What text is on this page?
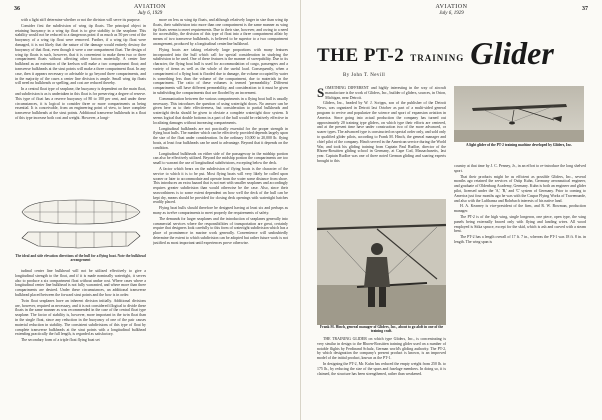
36	AVIATION
July 6, 1929

with a light stiff determine whether or not the division will serve its purpose.

Consider first the subdivision of wing tip floats. The principal object in retaining buoyancy in a wing tip float is to give stability to the seaplane. This stability would not be reduced to a dangerous point if as much as 50 per cent of the buoyancy of a wing tip float were removed. Further, if a wing tip float were damaged, it is not likely that the nature of the damage would entirely destroy the buoyancy of that float, even though it were a one compartment float. The design of wing tip floats is such, however, that it is convenient to make them two or three compartment floats without affecting other factors materially. A center line bulkhead as an extension of the keelson will make a two compartment float; and transverse bulkheads at the strut points will make a three compartment float. In any case, then it appears necessary or advisable to go beyond three compartments, and in the majority of the cases a center line division is ample. Small wing tip floats will need no bulkheads or spelling, and cost are reduced thereby.

In a central float type of seaplane, the buoyancy is dependent on the main float, and subdivision is as is undertaken in this float is for preserving a degree of reserve. This type of float has a reserve buoyancy of 80 to 100 per cent, and under these circumstances, it is logical to consider three or more compartments as being essential. It is conceivable, from an engineering point of view, to have complete transverse bulkheads at the strut points. Additional transverse bulkheads in a float of this type increase both cost and weight. However, a longi-

The ideal and side elevation directions of the hull for a flying boat. Note the bulkhead arrangement

tudinal center line bulkhead will not be utilized effectively to give a longitudinal strength to the float, and if it is made nominally watertight, it serves also to produce a six compartment float without undue cost. Where cases where a longitudinal center line bulkhead is not fully warranted, and where more than three compartments are desired. Under these circumstances, an additional transverse bulkhead placed between the forward strut points and the bow is in order.

Twin float seaplanes have an inherent division initially. Additional divisions are, however, required as necessary, and it is not considered illogical to divide these floats in the same manner as was recommended in the case of the central float type seaplane. The factor of stability is, however, more important in the twin float than in the single float, since any reduction in the buoyancy of one of the pair causes material reduction in stability. The consistent subdivisions of this type of float by complete transverse bulkheads at the strut points with a longitudinal bulkhead extending practically the full length, is regarded as satisfactory.

The secondary form of a triple float flying boat set

more on less as wing tip floats, and although relatively larger in size than wing tip floats, their subdivision into more than one compartment is the same manner as wing tip floats seems to meet requirements. Due to their size, however, and owing to a need for accessibility, the division of this type of float into a three compartment affair by means of two transverse bulkheads, is believed to be superior to a two compartment arrangement, produced by a longitudinal centerline bulkhead.

Flying boats are taking relatively large proportions with many features incorporated into the hull which call for special consideration in studying the subdivision to be used. One of these features is the manner of sweepability. Due to its character, the flying boat hull is used for accommodation of cargo, passengers and a variety of items as well as the whole of the useful load. Consequently, when a compartment of a flying boat is flooded due to damage, the volume occupied by water is something less than the volume of the compartment, due to materials in the compartment. The ratio of these volumes is termed 'permeability.' Different compartments will have different permeability, and consideration to it must be given in subdividing the compartments that are flooded by an increment.

Communication between the various compartments in a flying boat hull is usually necessary. This introduces the question of using watertight doors. No answer can be given here as to their effectiveness, but consideration to partial bulkheads and watertight decks should be given to obviate a complete watertight door system. It seems logical that double bottoms in a part of the hull would be relatively effective in localizing damages without increasing compartments.

Longitudinal bulkheads are not practically essential for the proper strength in flying boat hulls. The number which can be effectively provided depends largely upon the size of the float under consideration. In the ordinary 10,000 to 20,000 lb. flying boats, at least four bulkheads can be used to advantage. Beyond that it depends on the condition.

Longitudinal bulkheads on either side of the passageway in the midship portion can also be effectively utilized. Beyond the midship portion the compartments are too small to warrant the use of longitudinal subdivisions, excepting below the deck.

A factor which bears on the subdivision of flying boats is the character of the service to which it is to be put. Most flying boats will very likely be called upon sooner or later to accommodate and operate from the water some distance from shore. This introduces an extra hazard that is not met with smaller seaplanes and accordingly requires greater subdivision than would otherwise be the case. Also, since their seaworthiness is to some extent dependent on how well the deck of the hull can be kept dry, means should be provided for closing deck openings with watertight hatches readily placed.

Flying boat hulls should therefore be designed having at least six and perhaps as many as twelve compartments to meet properly the requirements of safety.

The demands for larger seaplanes and the introduction of seaplanes generally into commercial services where the responsibilities of transportation are great, certainly require that designers look carefully to this form of watertight subdivision which has a place of prominence in marine work generally. Convenience will undoubtedly determine the extent to which subdivision can be adopted but rather future work is not justified as most important until experiences prove otherwise.

AVIATION
July 6, 1929
37
THE PT-2 TRAINING Glider
By John T. Nevill

SOMETHING DIFFERENT and highly interesting in the way of aircraft manufacture is the work of Gliders, Inc., builder of gliders, sources, in Orion, Michigan, near Detroit.

Gliders, Inc., headed by W. J. Scripps, son of the publisher of the Detroit News, was organized in Detroit last October as part of a multi-sided general program to revive and popularize the science and sport of expansion aviation in America. Since going into actual production the company has turned out approximately 20 training type gliders, on which type their efforts are centered, and at the present time have under construction two of the more advanced, or soarer types. The advanced type is constructed on special order only, and sold only to qualified glider pilots, according to Frank M. Hinch, the general manager and chief pilot of the company. Hinch served in the American service during the World War, and took his gliding training from Captain Paul Rudloe, director of the Rhoen-Rossitten gliding school in Germany, at Cape Cod, Massachusetts, last year. Captain Rudloe was one of three noted German gliding and soaring experts brought to this

A light glider of the PT-2 training machine developed by Gliders, Inc.
Frank M. Hinch, general manager of Gliders, Inc., about to go aloft in one of the training craft.

THE TRAINING GLIDER on which type Gliders, Inc., is concentrating is very similar in design to the Rhoen-Rossitten training glider used on a number of notable flights by Ferdinand Schulz, German world's gliding authority. The PT-2, by which designation the company's present product is known, is an improved model of the initial product, known as the PT-1.

In designing the PT-2, Mr. Kuhn has reduced the empty weight from 250 lb. to 175 lb., by reducing the size of the spars and fuselage members. In doing so, it is claimed, the structure has been strengthened, rather than weakened.

country at that time by J. C. Penney, Jr., in an effort to re-introduce the long shelved sport.

That their products might be as efficient as possible Gliders, Inc., several months ago retained the services of Ostip Kuhn, Germany aeronautical engineer, and graduate of Oldenburg Academy, Germany. Kuhn is both an engineer and glider pilot, licensed under the 'A,' 'B,' and 'C' system of Germany. Prior to coming to America just four months ago he was with the Caspar Flying Works of Travemunde, and also with the Lufthansa and Rohrbach interests of his native land.

H. A. Kearney is vice-president of the firm, and R. W. Bowman, production manager.

The PT-2 is of the high wing, single longeron, one piece, open type, the wing panels being externally braced only with flying and landing wires. All wood employed is Sitka spruce, except for the skid, which is ash and curved with a steam bent.

The PT-2 has a length overall of 17 ft. 7 in., whereas the PT-1 was 18 ft. 8 in. in length. The wing span is
